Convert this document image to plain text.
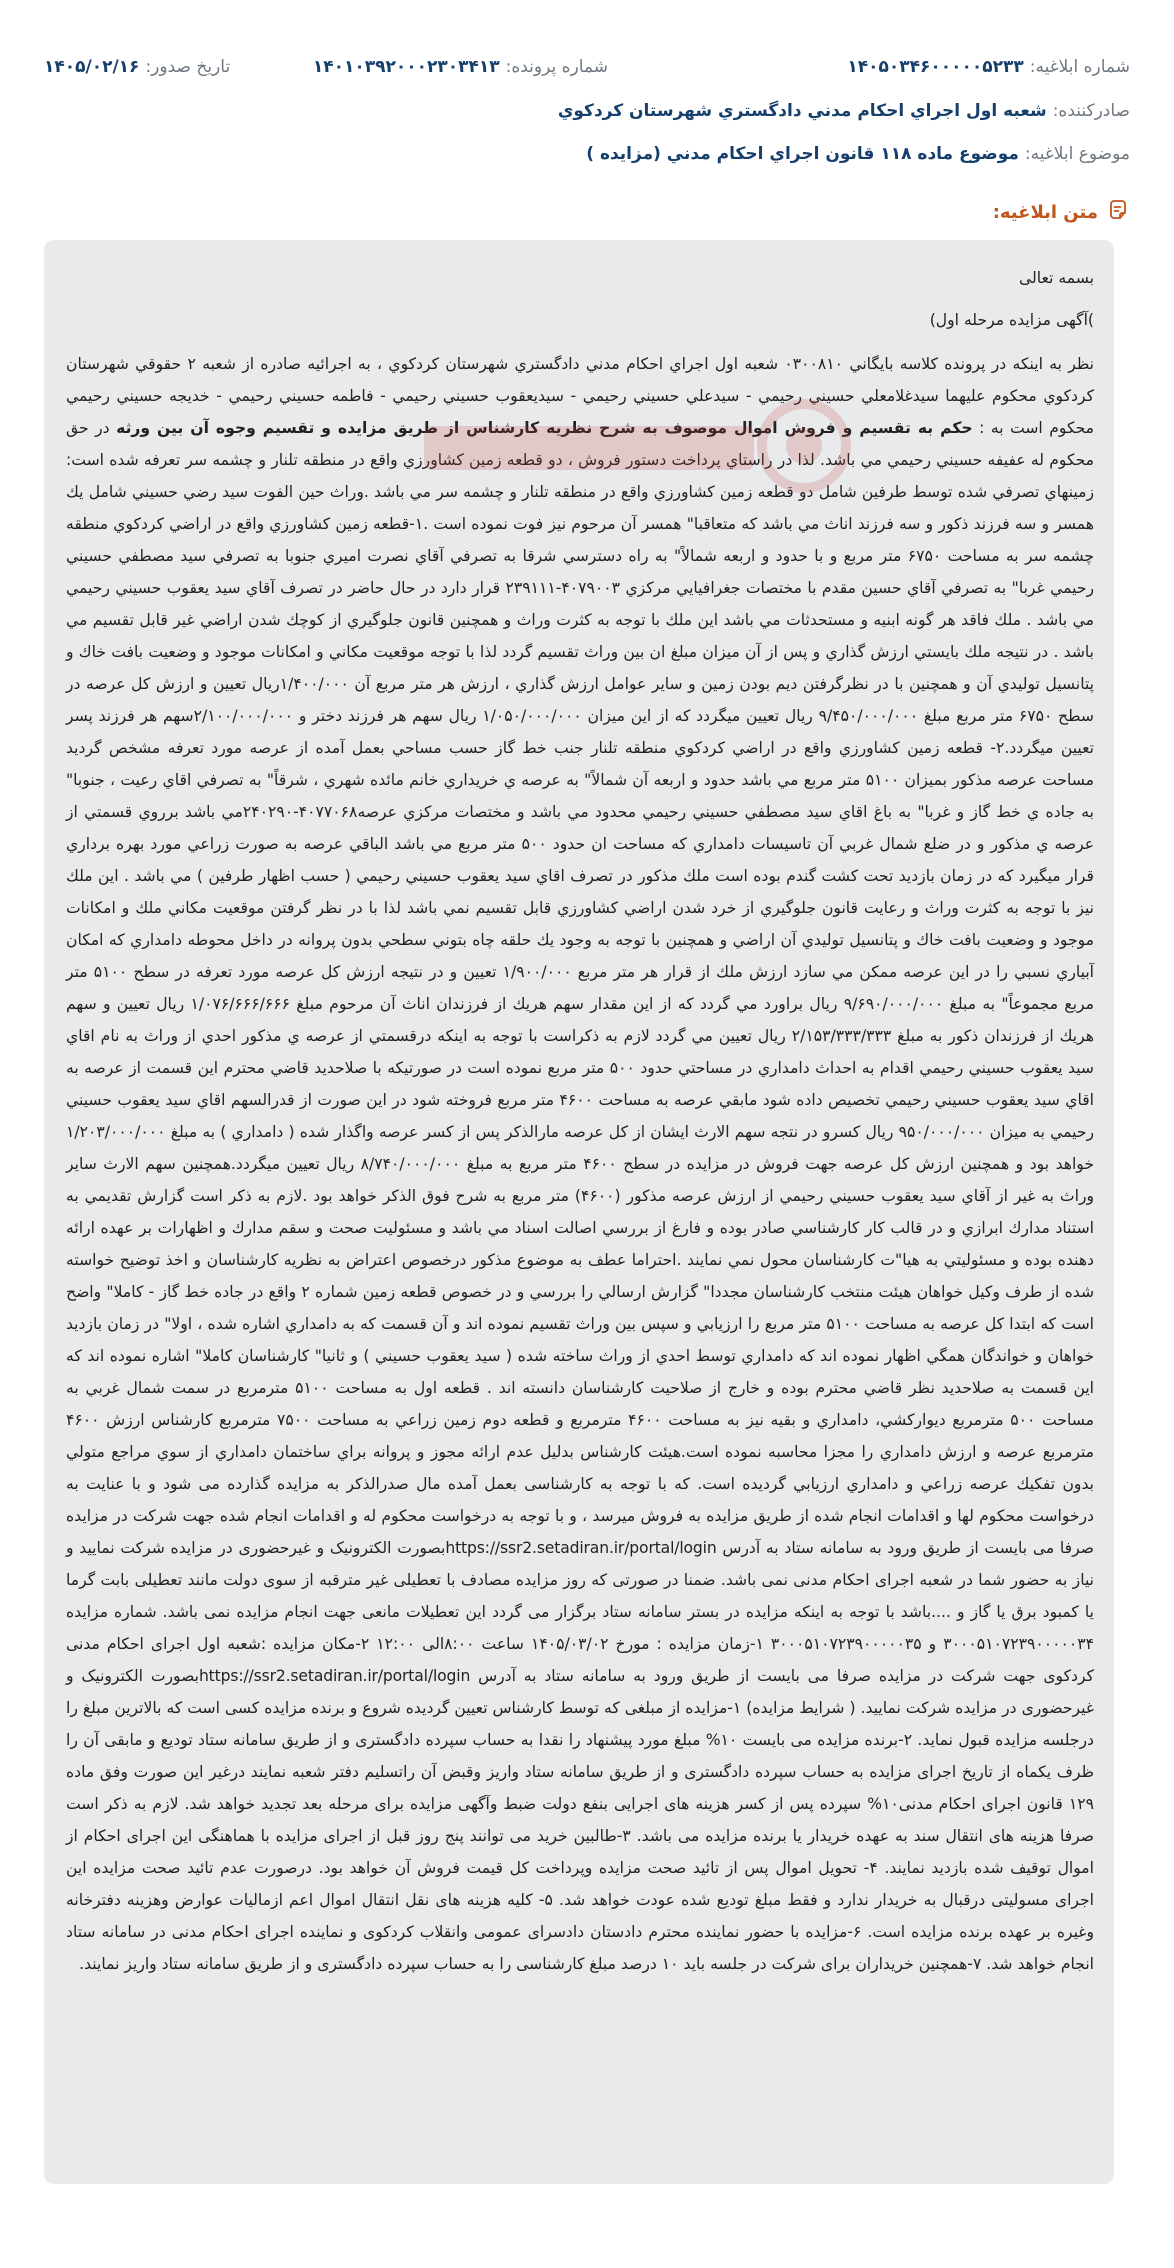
شماره ابلاغيه:
۱۴۰۵۰۳۴۶۰۰۰۰۰۵۲۳۳
شماره پرونده:
۱۴۰۱۰۳۹۲۰۰۰۲۳۰۳۴۱۳
تاريخ صدور:
۱۴۰۵/۰۲/۱۶
صادرکننده:
شعبه اول اجراي احكام مدني دادگستري شهرستان كردكوي
موضوع ابلاغيه:
موضوع ماده ۱۱۸ قانون اجراي احكام مدني (مزايده )
متن ابلاغيه:

بسمه تعالی

)آگهی مزایده مرحله اول)

نظر به اينكه در پرونده كلاسه بايگاني ۰۳۰۰۸۱۰ شعبه اول اجراي احكام مدني دادگستري شهرستان كردكوي ، به اجرائيه صادره از شعبه ۲ حقوقي شهرستان كردكوي محكوم عليهما سيدغلامعلي حسيني رحيمي - سيدعلي حسيني رحيمي - سيديعقوب حسيني رحيمي - فاطمه حسيني رحيمي - خديجه حسيني رحيمي محكوم است به : حكم به تقسيم و فروش اموال موصوف به شرح نظريه كارشناس از طريق مزايده و تقسيم وجوه آن بين ورثه در حق محكوم له عفيفه حسيني رحيمي مي باشد. لذا در راستاي پرداخت دستور فروش ، دو قطعه زمين كشاورزي واقع در منطقه تلنار و چشمه سر تعرفه شده است: زمينهاي تصرفي شده توسط طرفين شامل دو قطعه زمين كشاورزي واقع در منطقه تلنار و چشمه سر مي باشد .وراث حين الفوت سيد رضي حسيني شامل يك همسر و سه فرزند ذكور و سه فرزند اناث مي باشد كه متعاقبا" همسر آن مرحوم نيز فوت نموده است .۱-قطعه زمين كشاورزي واقع در اراضي كردكوي منطقه چشمه سر به مساحت ۶۷۵۰ متر مربع و با حدود و اربعه شمالاً" به راه دسترسي شرقا به تصرفي آقاي نصرت اميري جنوبا به تصرفي سيد مصطفي حسيني رحيمي غربا" به تصرفي آقاي حسين مقدم با مختصات جغرافيايي مركزي ۴۰۷۹۰۰۳-۲۳۹۱۱۱ قرار دارد در حال حاضر در تصرف آقاي سيد يعقوب حسيني رحيمي مي باشد . ملك فاقد هر گونه ابنيه و مستحدثات مي باشد اين ملك با توجه به كثرت وراث و همچنين قانون جلوگيري از كوچك شدن اراضي غير قابل تقسيم مي باشد . در نتيجه ملك بايستي ارزش گذاري و پس از آن ميزان مبلغ ان بين وراث تقسيم گردد لذا با توجه موقعيت مكاني و امكانات موجود و وضعيت بافت خاك و پتانسيل توليدي آن و همچنين با در نظرگرفتن ديم بودن زمين و ساير عوامل ارزش گذاري ، ارزش هر متر مربع آن ۱/۴۰۰/۰۰۰ريال تعيين و ارزش كل عرصه در سطح ۶۷۵۰ متر مربع مبلغ ۹/۴۵۰/۰۰۰/۰۰۰ ريال تعيين ميگردد كه از اين ميزان ۱/۰۵۰/۰۰۰/۰۰۰ ريال سهم هر فرزند دختر و ۲/۱۰۰/۰۰۰/۰۰۰سهم هر فرزند پسر تعيين ميگردد.۲- قطعه زمين كشاورزي واقع در اراضي كردكوي منطقه تلنار جنب خط گاز حسب مساحي بعمل آمده از عرصه مورد تعرفه مشخص گرديد مساحت عرصه مذكور بميزان ۵۱۰۰ متر مربع مي باشد حدود و اربعه آن شمالاً" به عرصه ي خريداري خانم مائده شهري ، شرقاً" به تصرفي اقاي رعيت ، جنوبا" به جاده ي خط گاز و غربا" به باغ اقاي سيد مصطفي حسيني رحيمي محدود مي باشد و مختصات مركزي عرصه۴۰۷۷۰۶۸-۲۴۰۲۹۰مي باشد برروي قسمتي از عرصه ي مذكور و در ضلع شمال غربي آن تاسيسات دامداري كه مساحت ان حدود ۵۰۰ متر مربع مي باشد الباقي عرصه به صورت زراعي مورد بهره برداري قرار ميگيرد كه در زمان بازديد تحت كشت گندم بوده است ملك مذكور در تصرف اقاي سيد يعقوب حسيني رحيمي ( حسب اظهار طرفين ) مي باشد . اين ملك نيز با توجه به كثرت وراث و رعايت قانون جلوگيري از خرد شدن اراضي كشاورزي قابل تقسيم نمي باشد لذا با در نظر گرفتن موقعيت مكاني ملك و امكانات موجود و وضعيت بافت خاك و پتانسيل توليدي آن اراضي و همچنين با توجه به وجود يك حلقه چاه بتوني سطحي بدون پروانه در داخل محوطه دامداري كه امكان آبياري نسبي را در اين عرصه ممكن مي سازد ارزش ملك از قرار هر متر مربع ۱/۹۰۰/۰۰۰ تعيين و در نتيجه ارزش كل عرصه مورد تعرفه در سطح ۵۱۰۰ متر مربع مجموعاً" به مبلغ ۹/۶۹۰/۰۰۰/۰۰۰ ريال براورد مي گردد كه از اين مقدار سهم هريك از فرزندان اناث آن مرحوم مبلغ ۱/۰۷۶/۶۶۶/۶۶۶ ريال تعيين و سهم هريك از فرزندان ذكور به مبلغ ۲/۱۵۳/۳۳۳/۳۳۳ ريال تعيين مي گردد لازم به ذكراست با توجه به اينكه درقسمتي از عرصه ي مذكور احدي از وراث به نام اقاي سيد يعقوب حسيني رحيمي اقدام به احداث دامداري در مساحتي حدود ۵۰۰ متر مربع نموده است در صورتيكه با صلاحديد قاضي محترم اين قسمت از عرصه به اقاي سيد يعقوب حسيني رحيمي تخصيص داده شود مابقي عرصه به مساحت ۴۶۰۰ متر مربع فروخته شود در اين صورت از قدرالسهم اقاي سيد يعقوب حسيني رحيمي به ميزان ۹۵۰/۰۰۰/۰۰۰ ريال كسرو در نتجه سهم الارث ايشان از كل عرصه مارالذكر پس از كسر عرصه واگذار شده ( دامداري ) به مبلغ ۱/۲۰۳/۰۰۰/۰۰۰ خواهد بود و همچنين ارزش كل عرصه جهت فروش در مزايده در سطح ۴۶۰۰ متر مربع به مبلغ ۸/۷۴۰/۰۰۰/۰۰۰ ريال تعيين ميگردد.همچنين سهم الارث ساير وراث به غير از آقاي سيد يعقوب حسيني رحيمي از ارزش عرصه مذكور (۴۶۰۰) متر مربع به شرح فوق الذكر خواهد بود .لازم به ذكر است گزارش تقديمي به استناد مدارك ابرازي و در قالب كار كارشناسي صادر بوده و فارغ از بررسي اصالت اسناد مي باشد و مسئوليت صحت و سقم مدارك و اظهارات بر عهده ارائه دهنده بوده و مسئوليتي به هيا"ت كارشناسان محول نمي نمايند .احتراما عطف به موضوع مذكور درخصوص اعتراض به نظريه كارشناسان و اخذ توضيح خواسته شده از طرف وكيل خواهان هيئت منتخب كارشناسان مجددا" گزارش ارسالي را بررسي و در خصوص قطعه زمين شماره ۲ واقع در جاده خط گاز - كاملا" واضح است كه ابتدا كل عرصه به مساحت ۵۱۰۰ متر مربع را ارزيابي و سپس بين وراث تقسيم نموده اند و آن قسمت كه به دامداري اشاره شده ، اولا" در زمان بازديد خواهان و خواندگان همگي اظهار نموده اند كه دامداري توسط احدي از وراث ساخته شده ( سيد يعقوب حسيني ) و ثانيا" كارشناسان كاملا" اشاره نموده اند كه اين قسمت به صلاحديد نظر قاضي محترم بوده و خارج از صلاحيت كارشناسان دانسته اند . قطعه اول به مساحت ۵۱۰۰ مترمربع در سمت شمال غربي به مساحت ۵۰۰ مترمربع ديواركشي، دامداري و بقيه نيز به مساحت ۴۶۰۰ مترمربع و قطعه دوم زمين زراعي به مساحت ۷۵۰۰ مترمربع كارشناس ارزش ۴۶۰۰ مترمربع عرصه و ارزش دامداري را مجزا محاسبه نموده است.هيئت كارشناس بدليل عدم ارائه مجوز و پروانه براي ساختمان دامداري از سوي مراجع متولي بدون تفكيك عرصه زراعي و دامداري ارزيابي گرديده است. كه با توجه به كارشناسی بعمل آمده مال صدرالذکر به مزايده گذارده می شود و با عنايت به درخواست محکوم لها و اقدامات انجام شده از طريق مزايده به فروش ميرسد ، و با توجه به درخواست محکوم له و اقدامات انجام شده جهت شرکت در مزايده صرفا می بايست از طريق ورود به سامانه ستاد به آدرس https://ssr2.setadiran.ir/portal/loginبصورت الکترونيک و غيرحضوری در مزايده شرکت نماييد و نياز به حضور شما در شعبه اجرای احکام مدنی نمی باشد. ضمنا در صورتی که روز مزايده مصادف با تعطيلی غير مترقبه از سوی دولت مانند تعطيلی بابت گرما يا کمبود برق يا گاز و ....باشد با توجه به اينکه مزايده در بستر سامانه ستاد برگزار می گردد اين تعطيلات مانعی جهت انجام مزايده نمی باشد. شماره مزايده ۳۰۰۰۵۱۰۷۲۳۹۰۰۰۰۰۳۴ و ۳۰۰۰۵۱۰۷۲۳۹۰۰۰۰۰۳۵ ۱-زمان مزايده : مورخ ۱۴۰۵/۰۳/۰۲ ساعت ۸:۰۰الی ۱۲:۰۰ ۲-مکان مزايده :شعبه اول اجرای احکام مدنی کردکوی جهت شرکت در مزايده صرفا می بايست از طريق ورود به سامانه ستاد به آدرس https://ssr2.setadiran.ir/portal/loginبصورت الکترونيک و غيرحضوری در مزايده شرکت نماييد. ( شرايط مزايده) ۱-مزايده از مبلغی که توسط کارشناس تعيين گرديده شروع و برنده مزايده کسی است که بالاترين مبلغ را درجلسه مزايده قبول نمايد. ۲-برنده مزايده می بايست ۱۰% مبلغ مورد پيشنهاد را نقدا به حساب سپرده دادگستری و از طريق سامانه ستاد توديع و مابقی آن را ظرف يکماه از تاريخ اجرای مزايده به حساب سپرده دادگستری و از طريق سامانه ستاد واريز وقبض آن راتسليم دفتر شعبه نمايند درغير اين صورت وفق ماده ۱۲۹ قانون اجرای احکام مدنی۱۰% سپرده پس از کسر هزينه های اجرايی بنفع دولت ضبط وآگهی مزايده برای مرحله بعد تجديد خواهد شد. لازم به ذکر است صرفا هزينه های انتقال سند به عهده خريدار يا برنده مزايده می باشد. ۳-طالبين خريد می توانند پنج روز قبل از اجرای مزايده با هماهنگی اين اجرای احکام از اموال توقيف شده بازديد نمايند. ۴- تحويل اموال پس از تائيد صحت مزايده وپرداخت کل قيمت فروش آن خواهد بود. درصورت عدم تائيد صحت مزايده اين اجرای مسوليتی درقبال به خريدار ندارد و فقط مبلغ توديع شده عودت خواهد شد. ۵- کليه هزينه های نقل انتقال اموال اعم ازماليات عوارض وهزينه دفترخانه وغيره بر عهده برنده مزايده است. ۶-مزايده با حضور نماينده محترم دادستان دادسرای عمومی وانقلاب کردکوی و نماينده اجرای احکام مدنی در سامانه ستاد انجام خواهد شد. ۷-همچنين خريداران برای شرکت در جلسه بايد ۱۰ درصد مبلغ کارشناسی را به حساب سپرده دادگستری و از طريق سامانه ستاد واريز نمايند.
